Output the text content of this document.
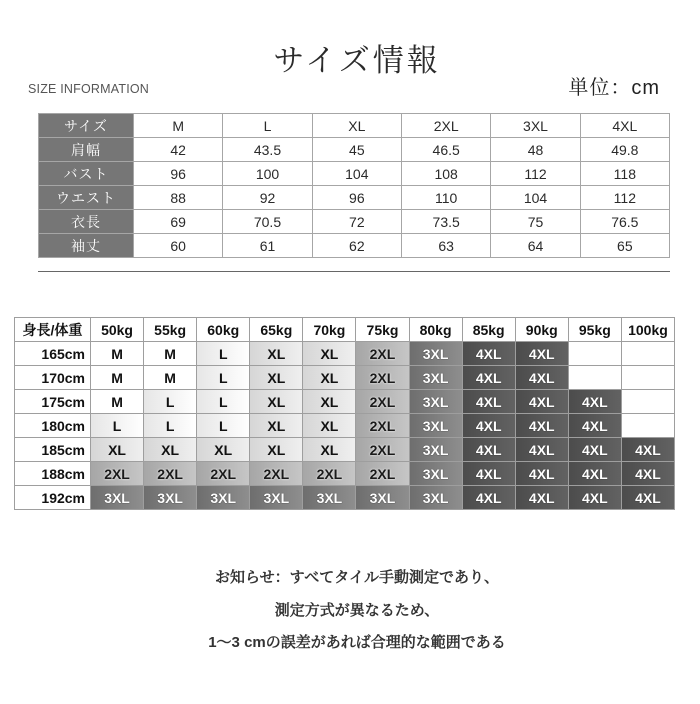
サイズ情報
SIZE INFORMATION	単位：cm
サイズ	M	L	XL	2XL	3XL	4XL
肩幅	42	43.5	45	46.5	48	49.8
バスト	96	100	104	108	112	118
ウエスト	88	92	96	110	104	112
衣長	69	70.5	72	73.5	75	76.5
袖丈	60	61	62	63	64	65
身長/体重	50kg	55kg	60kg	65kg	70kg	75kg	80kg	85kg	90kg	95kg	100kg
165cm	M	M	L	XL	XL	2XL	3XL	4XL	4XL
170cm	M	M	L	XL	XL	2XL	3XL	4XL	4XL
175cm	M	L	L	XL	XL	2XL	3XL	4XL	4XL	4XL
180cm	L	L	L	XL	XL	2XL	3XL	4XL	4XL	4XL
185cm	XL	XL	XL	XL	XL	2XL	3XL	4XL	4XL	4XL	4XL
188cm	2XL	2XL	2XL	2XL	2XL	2XL	3XL	4XL	4XL	4XL	4XL
192cm	3XL	3XL	3XL	3XL	3XL	3XL	3XL	4XL	4XL	4XL	4XL
お知らせ：すべてタイル手動測定であり、
測定方式が異なるため、
1～3 cmの誤差があれば合理的な範囲である
